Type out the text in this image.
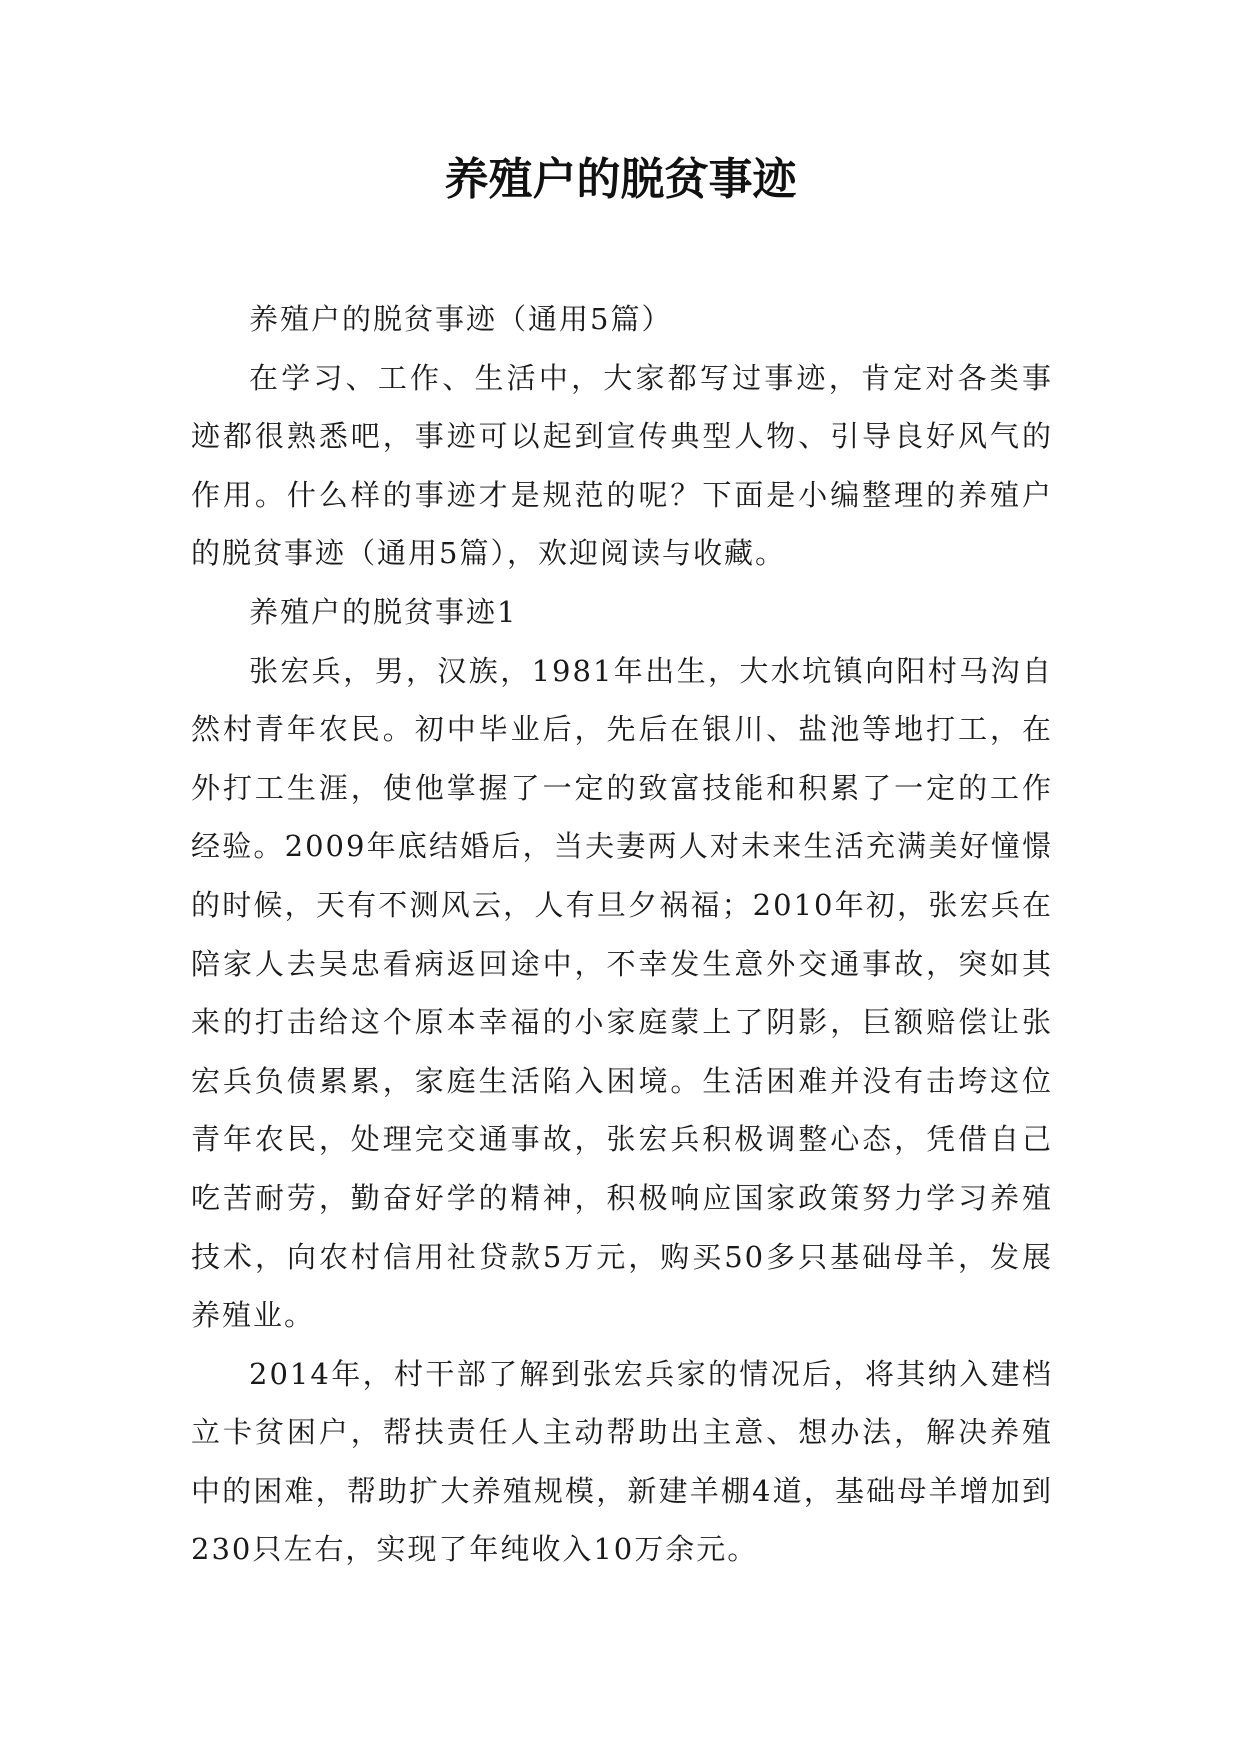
养殖户的脱贫事迹

养殖户的脱贫事迹（通用5篇）

在学习、工作、生活中，大家都写过事迹，肯定对各类事迹都很熟悉吧，事迹可以起到宣传典型人物、引导良好风气的作用。什么样的事迹才是规范的呢？下面是小编整理的养殖户的脱贫事迹（通用5篇），欢迎阅读与收藏。

养殖户的脱贫事迹1

张宏兵，男，汉族，1981年出生，大水坑镇向阳村马沟自然村青年农民。初中毕业后，先后在银川、盐池等地打工，在外打工生涯，使他掌握了一定的致富技能和积累了一定的工作经验。2009年底结婚后，当夫妻两人对未来生活充满美好憧憬的时候，天有不测风云，人有旦夕祸福；2010年初，张宏兵在陪家人去吴忠看病返回途中，不幸发生意外交通事故，突如其来的打击给这个原本幸福的小家庭蒙上了阴影，巨额赔偿让张宏兵负债累累，家庭生活陷入困境。生活困难并没有击垮这位青年农民，处理完交通事故，张宏兵积极调整心态，凭借自己吃苦耐劳，勤奋好学的精神，积极响应国家政策努力学习养殖技术，向农村信用社贷款5万元，购买50多只基础母羊，发展养殖业。

2014年，村干部了解到张宏兵家的情况后，将其纳入建档立卡贫困户，帮扶责任人主动帮助出主意、想办法，解决养殖中的困难，帮助扩大养殖规模，新建羊棚4道，基础母羊增加到230只左右，实现了年纯收入10万余元。
